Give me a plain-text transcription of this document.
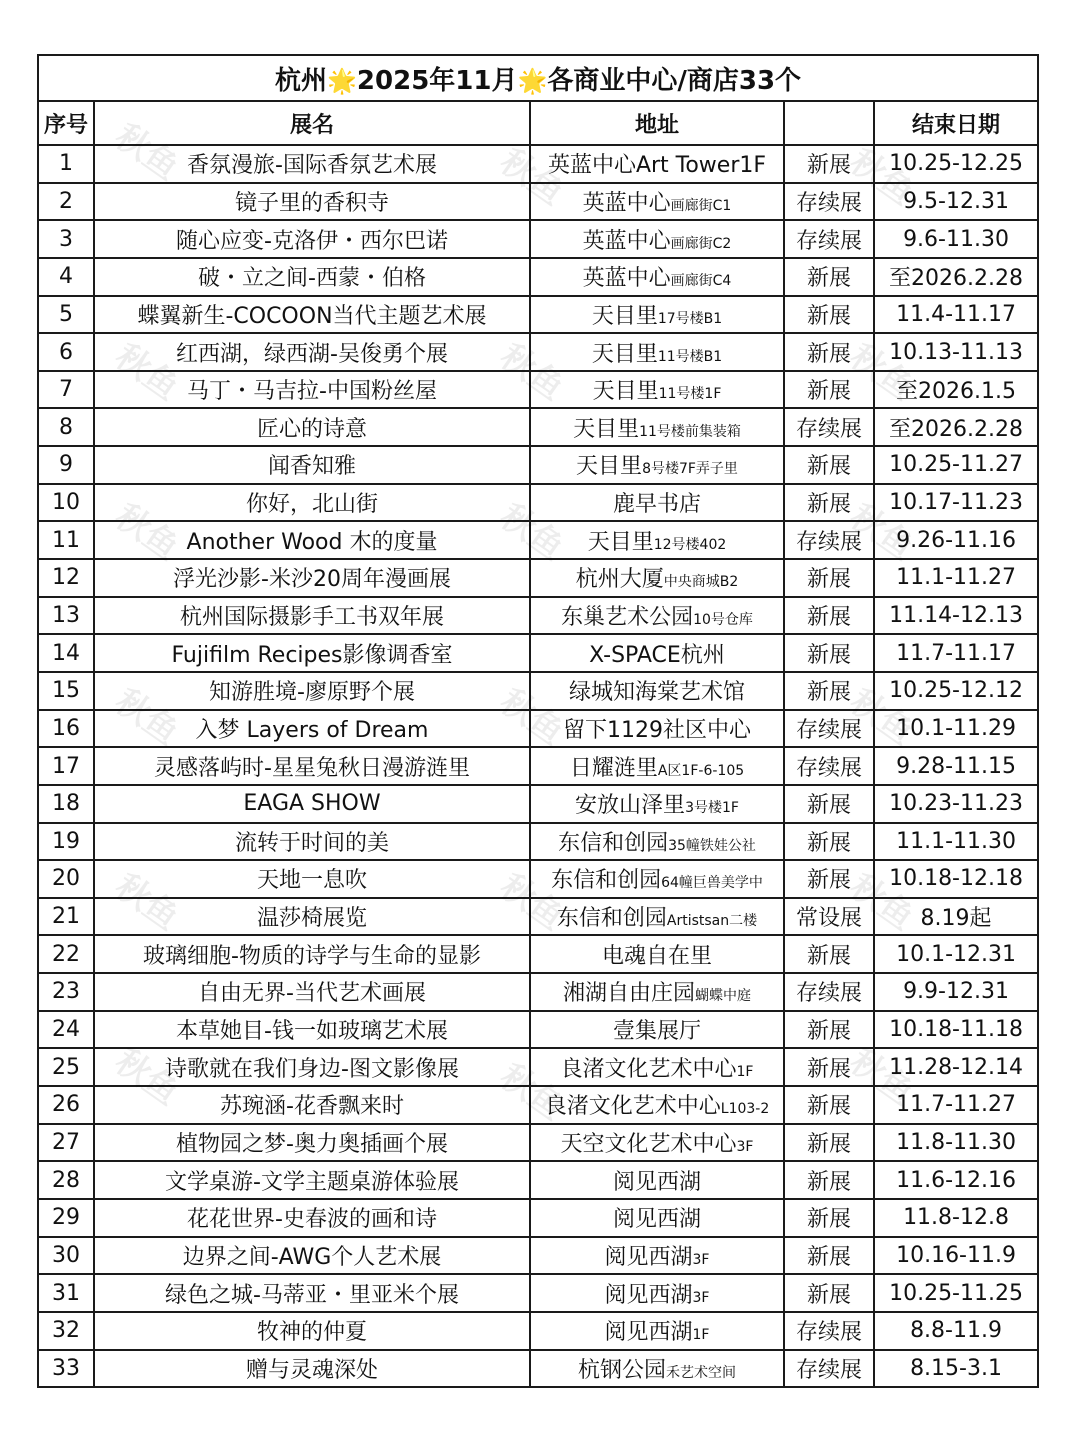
杭州🌟2025年11月🌟各商业中心/商店33个				
序号	展名	地址		结束日期
1	香氛漫旅-国际香氛艺术展	英蓝中心Art Tower1F	新展	10.25-12.25
2	镜子里的香积寺	英蓝中心画廊街C1	存续展	9.5-12.31
3	随心应变-克洛伊・西尔巴诺	英蓝中心画廊街C2	存续展	9.6-11.30
4	破・立之间-西蒙・伯格	英蓝中心画廊街C4	新展	至2026.2.28
5	蝶翼新生-COCOON当代主题艺术展	天目里17号楼B1	新展	11.4-11.17
6	红西湖，绿西湖-吴俊勇个展	天目里11号楼B1	新展	10.13-11.13
7	马丁・马吉拉-中国粉丝屋	天目里11号楼1F	新展	至2026.1.5
8	匠心的诗意	天目里11号楼前集装箱	存续展	至2026.2.28
9	闻香知雅	天目里8号楼7F弄子里	新展	10.25-11.27
10	你好，北山街	鹿早书店	新展	10.17-11.23
11	Another Wood 木的度量	天目里12号楼402	存续展	9.26-11.16
12	浮光沙影-米沙20周年漫画展	杭州大厦中央商城B2	新展	11.1-11.27
13	杭州国际摄影手工书双年展	东巢艺术公园10号仓库	新展	11.14-12.13
14	Fujifilm Recipes影像调香室	X-SPACE杭州	新展	11.7-11.17
15	知游胜境-廖原野个展	绿城知海棠艺术馆	新展	10.25-12.12
16	入梦 Layers of Dream	留下1129社区中心	存续展	10.1-11.29
17	灵感落屿时-星星兔秋日漫游涟里	日耀涟里A区1F-6-105	存续展	9.28-11.15
18	EAGA SHOW	安放山泽里3号楼1F	新展	10.23-11.23
19	流转于时间的美	东信和创园35幢铁娃公社	新展	11.1-11.30
20	天地一息吹	东信和创园64幢巨兽美学中	新展	10.18-12.18
21	温莎椅展览	东信和创园Artistsan二楼	常设展	8.19起
22	玻璃细胞-物质的诗学与生命的显影	电魂自在里	新展	10.1-12.31
23	自由无界-当代艺术画展	湘湖自由庄园蝴蝶中庭	存续展	9.9-12.31
24	本草她目-钱一如玻璃艺术展	壹集展厅	新展	10.18-11.18
25	诗歌就在我们身边-图文影像展	良渚文化艺术中心1F	新展	11.28-12.14
26	苏琬涵-花香飘来时	良渚文化艺术中心L103-2	新展	11.7-11.27
27	植物园之梦-奥力奥插画个展	天空文化艺术中心3F	新展	11.8-11.30
28	文学桌游-文学主题桌游体验展	阅见西湖	新展	11.6-12.16
29	花花世界-史春波的画和诗	阅见西湖	新展	11.8-12.8
30	边界之间-AWG个人艺术展	阅见西湖3F	新展	10.16-11.9
31	绿色之城-马蒂亚・里亚米个展	阅见西湖3F	新展	10.25-11.25
32	牧神的仲夏	阅见西湖1F	存续展	8.8-11.9
33	赠与灵魂深处	杭钢公园禾艺术空间	存续展	8.15-3.1
秋鱼	秋鱼	秋鱼
秋鱼	秋鱼	秋鱼
秋鱼	秋鱼	秋鱼
秋鱼	秋鱼	秋鱼
秋鱼	秋鱼	秋鱼
秋鱼	秋鱼	秋鱼
